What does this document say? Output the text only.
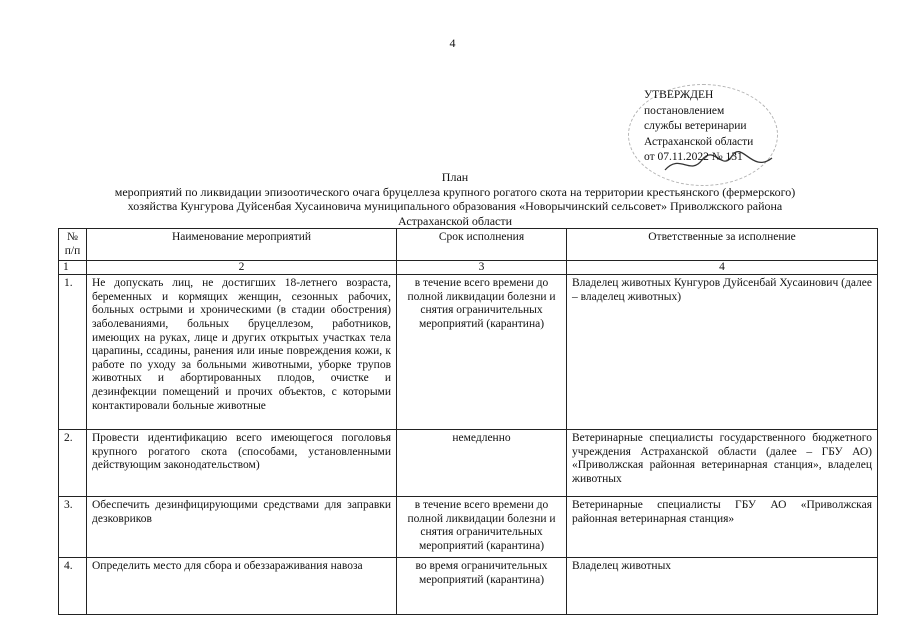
4
УТВЕРЖДЕН
постановлением
службы ветеринарии
Астраханской области
от 07.11.2022 № 131
План
мероприятий по ликвидации эпизоотического очага бруцеллеза крупного рогатого скота на территории крестьянского (фермерского)
хозяйства Кунгурова Дуйсенбая Хусаиновича муниципального образования «Новорычинский сельсовет» Приволжского района
Астраханской области
№ п/п	Наименование мероприятий	Срок исполнения	Ответственные за исполнение
1	2	3	4
1.	Не допускать лиц, не достигших 18-летнего возраста, беременных и кормящих женщин, сезонных рабочих, больных острыми и хроническими (в стадии обострения) заболеваниями, больных бруцеллезом, работников, имеющих на руках, лице и других открытых участках тела царапины, ссадины, ранения или иные повреждения кожи, к работе по уходу за больными животными, уборке трупов животных и абортированных плодов, очистке и дезинфекции помещений и прочих объектов, с которыми контактировали больные животные	в течение всего времени до полной ликвидации болезни и снятия ограничительных мероприятий (карантина)	Владелец животных Кунгуров Дуйсенбай Хусаинович (далее – владелец животных)
2.	Провести идентификацию всего имеющегося поголовья крупного рогатого скота (способами, установленными действующим законодательством)	немедленно	Ветеринарные специалисты государственного бюджетного учреждения Астраханской области (далее – ГБУ АО) «Приволжская районная ветеринарная станция», владелец животных
3.	Обеспечить дезинфицирующими средствами для заправки дезковриков	в течение всего времени до полной ликвидации болезни и снятия ограничительных мероприятий (карантина)	Ветеринарные специалисты ГБУ АО «Приволжская районная ветеринарная станция»
4.	Определить место для сбора и обеззараживания навоза	во время ограничительных мероприятий (карантина)	Владелец животных
